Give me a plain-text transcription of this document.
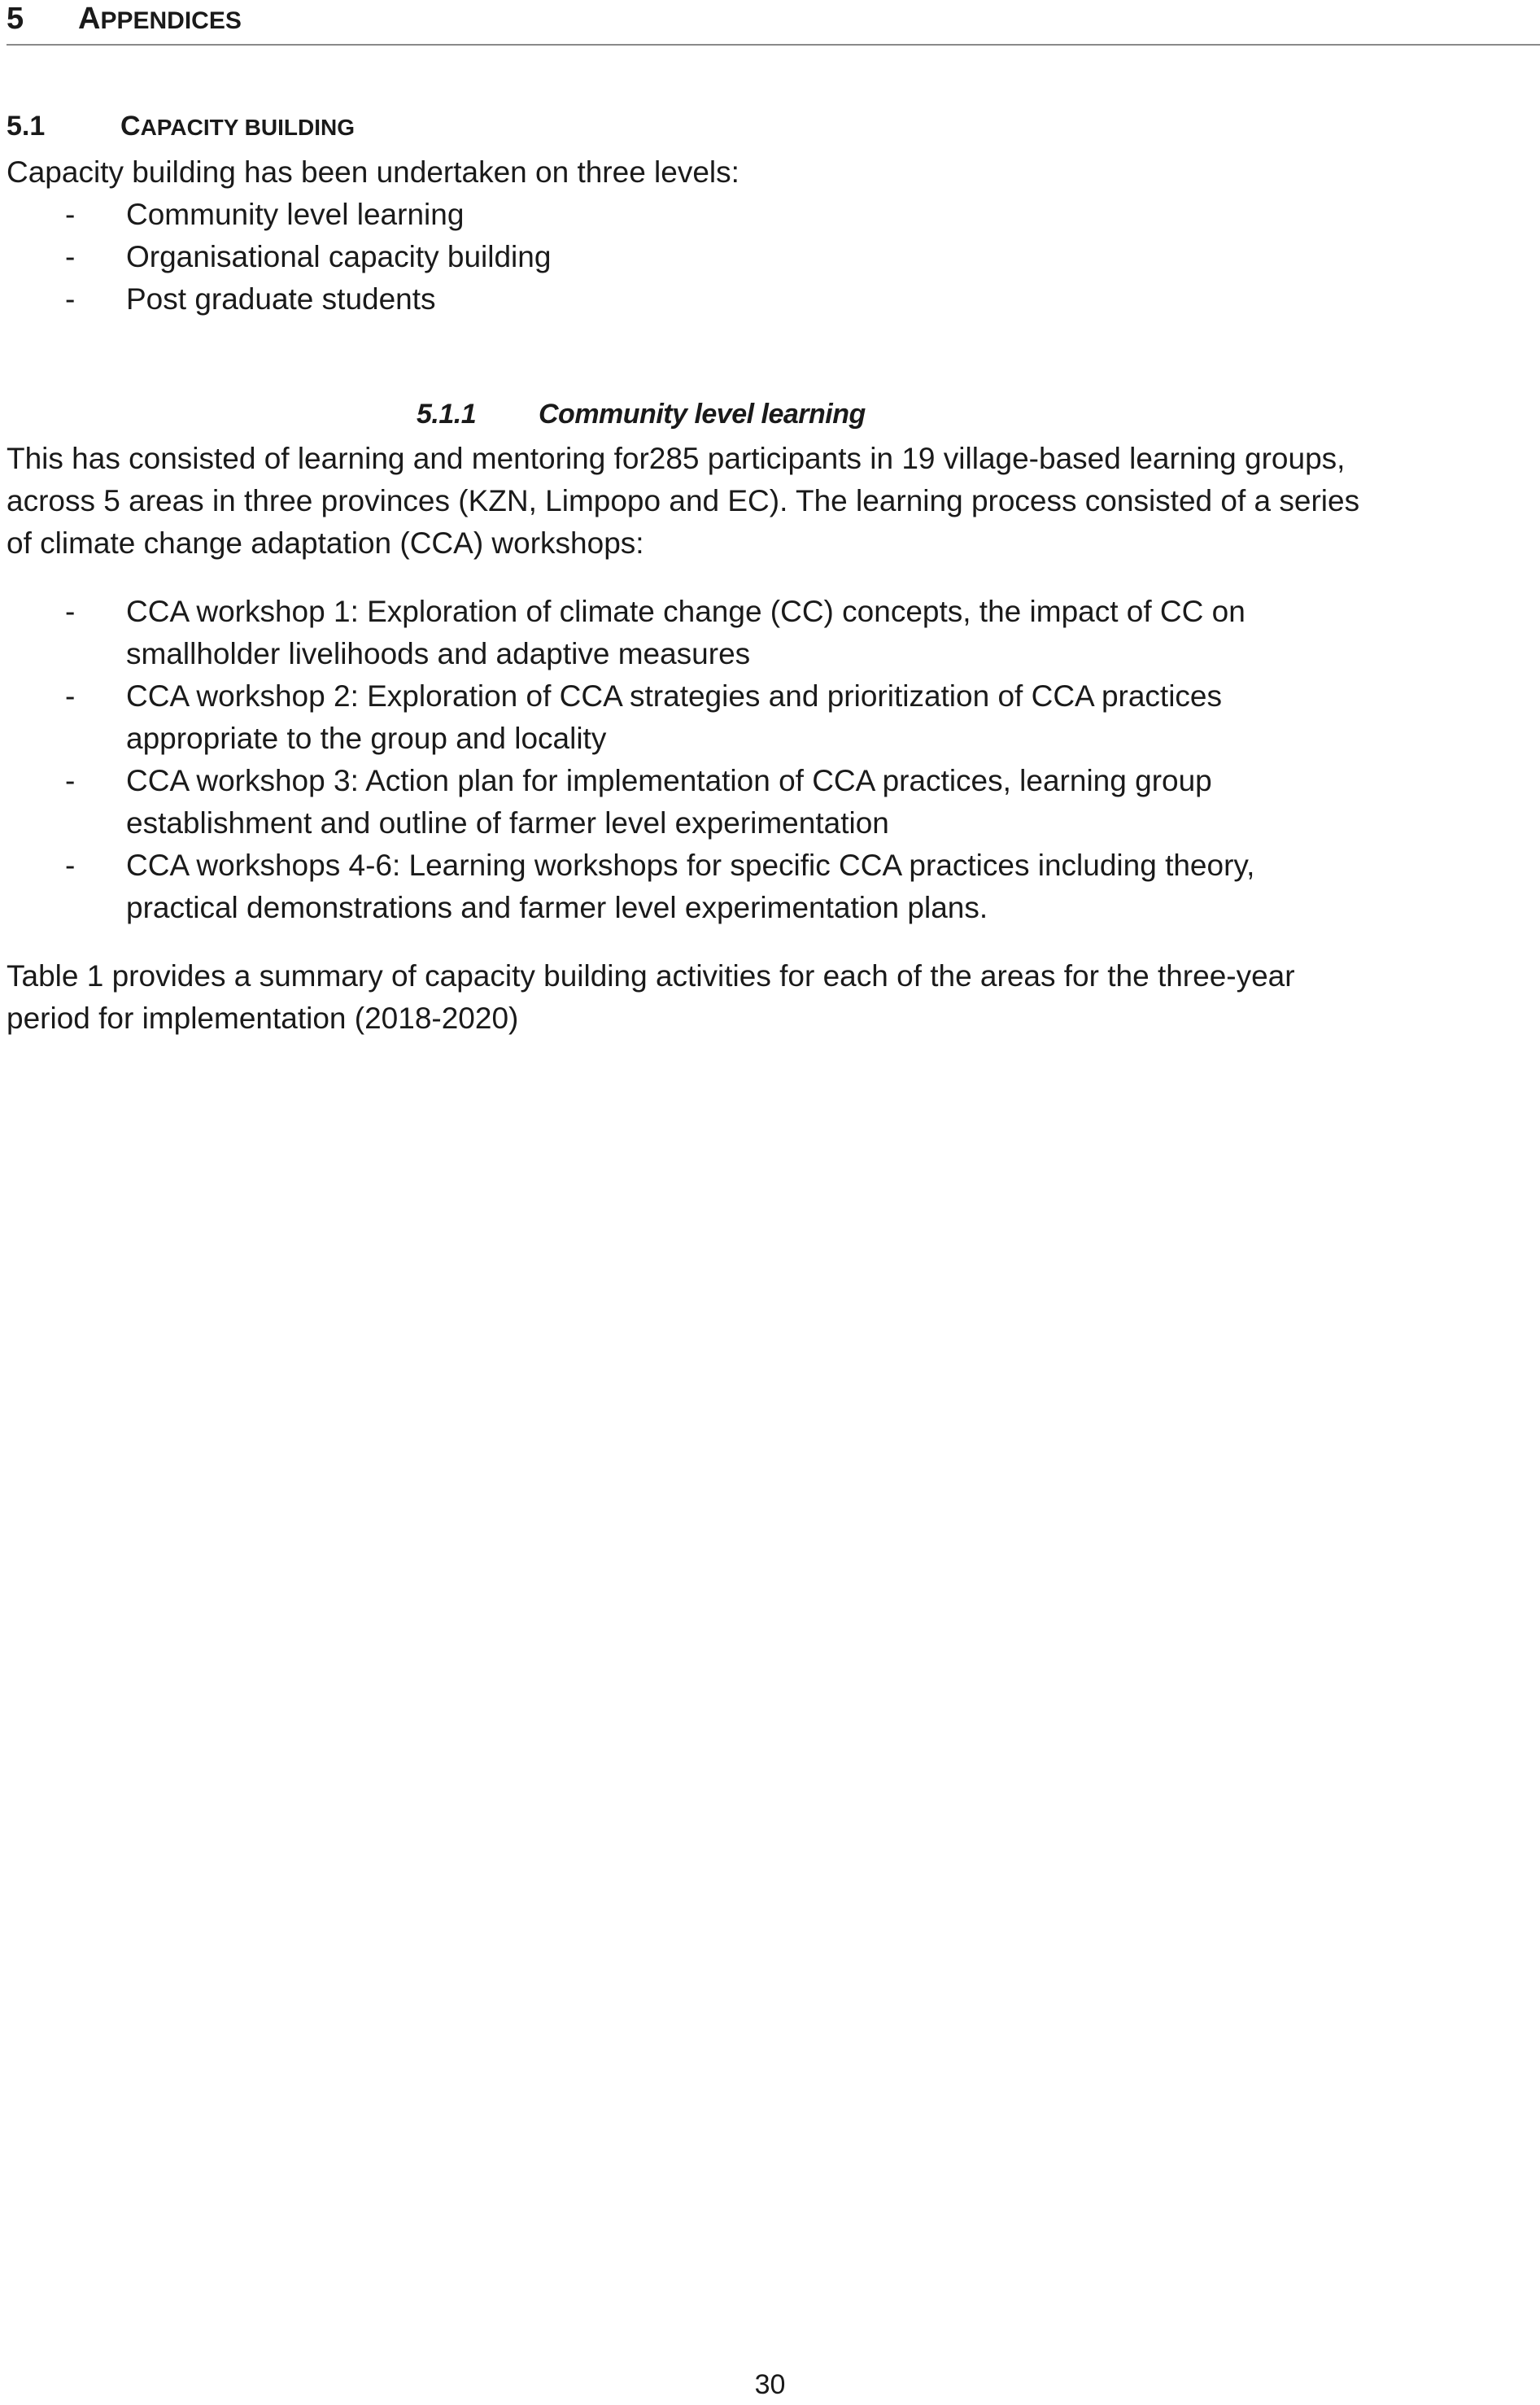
5 APPENDICES
5.1	CAPACITY BUILDING
Capacity building has been undertaken on three levels:
- Community level learning
- Organisational capacity building
- Post graduate students
5.1.1 Community level learning
This has consisted of learning and mentoring for285 participants in 19 village-based learning groups,
across 5 areas in three provinces (KZN, Limpopo and EC). The learning process consisted of a series
of climate change adaptation (CCA) workshops:
- CCA workshop 1: Exploration of climate change (CC) concepts, the impact of CC on
smallholder livelihoods and adaptive measures
- CCA workshop 2: Exploration of CCA strategies and prioritization of CCA practices
appropriate to the group and locality
- CCA workshop 3: Action plan for implementation of CCA practices, learning group
establishment and outline of farmer level experimentation
- CCA workshops 4-6: Learning workshops for specific CCA practices including theory,
practical demonstrations and farmer level experimentation plans.
Table 1 provides a summary of capacity building activities for each of the areas for the three-year
period for implementation (2018-2020)
30
